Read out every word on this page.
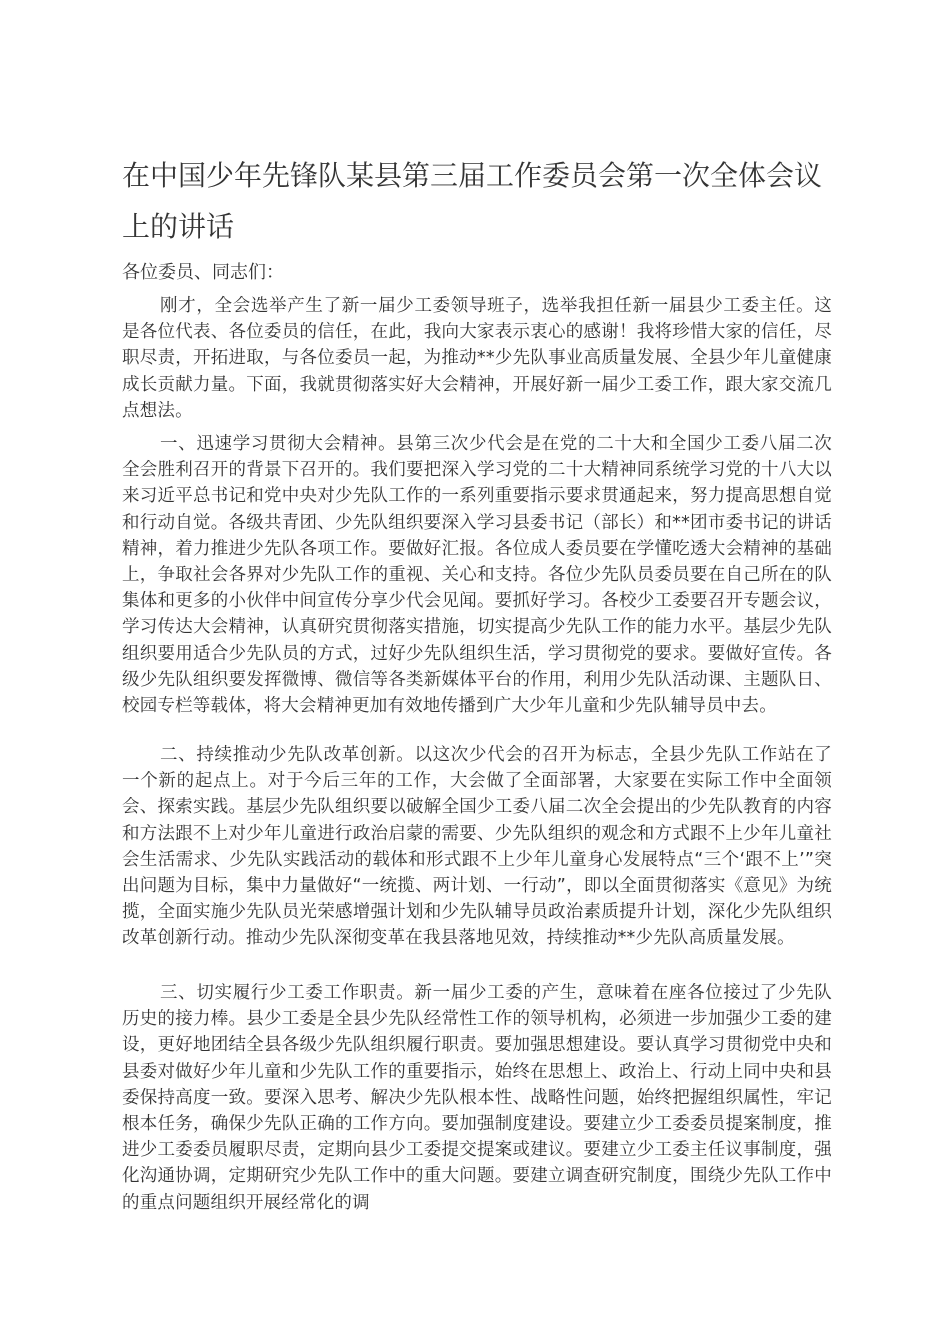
在中国少年先锋队某县第三届工作委员会第一次全体会议上的讲话

各位委员、同志们：

刚才，全会选举产生了新一届少工委领导班子，选举我担任新一届县少工委主任。这是各位代表、各位委员的信任，在此，我向大家表示衷心的感谢！我将珍惜大家的信任，尽职尽责，开拓进取，与各位委员一起，为推动**少先队事业高质量发展、全县少年儿童健康成长贡献力量。下面，我就贯彻落实好大会精神，开展好新一届少工委工作，跟大家交流几点想法。

一、迅速学习贯彻大会精神。县第三次少代会是在党的二十大和全国少工委八届二次全会胜利召开的背景下召开的。我们要把深入学习党的二十大精神同系统学习党的十八大以来习近平总书记和党中央对少先队工作的一系列重要指示要求贯通起来，努力提高思想自觉和行动自觉。各级共青团、少先队组织要深入学习县委书记（部长）和**团市委书记的讲话精神，着力推进少先队各项工作。要做好汇报。各位成人委员要在学懂吃透大会精神的基础上，争取社会各界对少先队工作的重视、关心和支持。各位少先队员委员要在自己所在的队集体和更多的小伙伴中间宣传分享少代会见闻。要抓好学习。各校少工委要召开专题会议，学习传达大会精神，认真研究贯彻落实措施，切实提高少先队工作的能力水平。基层少先队组织要用适合少先队员的方式，过好少先队组织生活，学习贯彻党的要求。要做好宣传。各级少先队组织要发挥微博、微信等各类新媒体平台的作用，利用少先队活动课、主题队日、校园专栏等载体，将大会精神更加有效地传播到广大少年儿童和少先队辅导员中去。

二、持续推动少先队改革创新。以这次少代会的召开为标志，全县少先队工作站在了一个新的起点上。对于今后三年的工作，大会做了全面部署，大家要在实际工作中全面领会、探索实践。基层少先队组织要以破解全国少工委八届二次全会提出的少先队教育的内容和方法跟不上对少年儿童进行政治启蒙的需要、少先队组织的观念和方式跟不上少年儿童社会生活需求、少先队实践活动的载体和形式跟不上少年儿童身心发展特点“三个‘跟不上’”突出问题为目标，集中力量做好“一统揽、两计划、一行动”，即以全面贯彻落实《意见》为统揽，全面实施少先队员光荣感增强计划和少先队辅导员政治素质提升计划，深化少先队组织改革创新行动。推动少先队深彻变革在我县落地见效，持续推动**少先队高质量发展。

三、切实履行少工委工作职责。新一届少工委的产生，意味着在座各位接过了少先队历史的接力棒。县少工委是全县少先队经常性工作的领导机构，必须进一步加强少工委的建设，更好地团结全县各级少先队组织履行职责。要加强思想建设。要认真学习贯彻党中央和县委对做好少年儿童和少先队工作的重要指示，始终在思想上、政治上、行动上同中央和县委保持高度一致。要深入思考、解决少先队根本性、战略性问题，始终把握组织属性，牢记根本任务，确保少先队正确的工作方向。要加强制度建设。要建立少工委委员提案制度，推进少工委委员履职尽责，定期向县少工委提交提案或建议。要建立少工委主任议事制度，强化沟通协调，定期研究少先队工作中的重大问题。要建立调查研究制度，围绕少先队工作中的重点问题组织开展经常化的调
